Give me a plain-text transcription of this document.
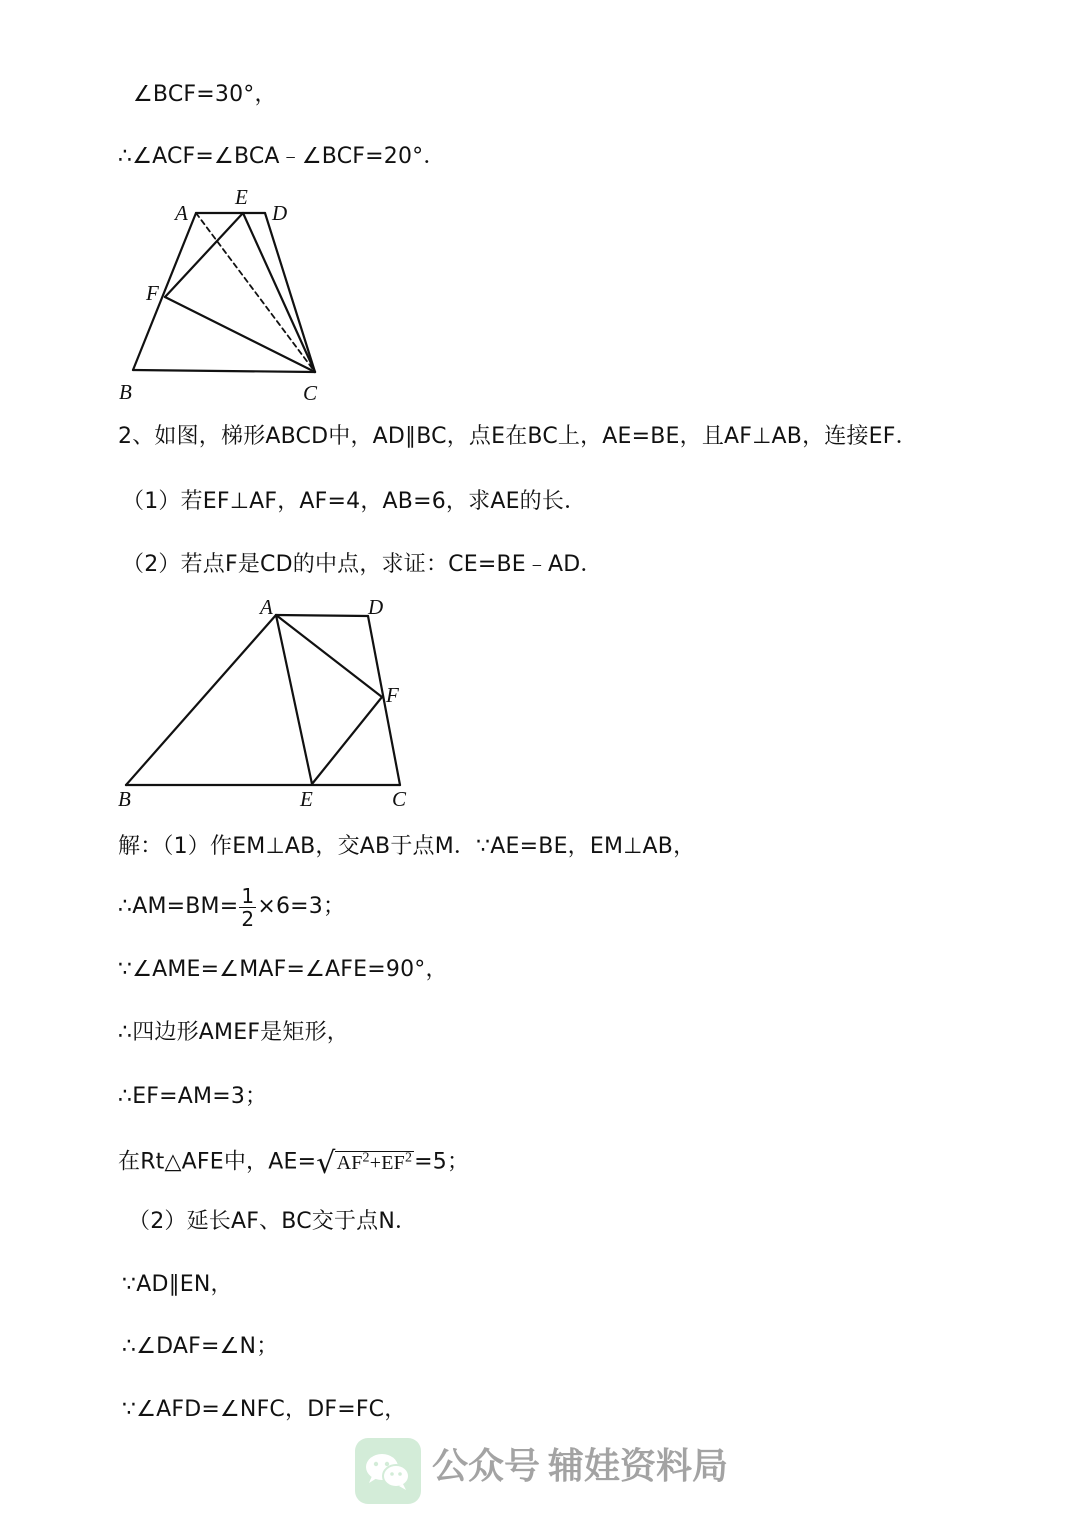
∠BCF=30°，
∴∠ACF=∠BCA﹣∠BCF=20°．
A
E
D
F
B	C
2、如图，梯形ABCD中，AD∥BC，点E在BC上，AE=BE，且AF⊥AB，连接EF．
（1）若EF⊥AF，AF=4，AB=6，求AE的长．
（2）若点F是CD的中点，求证：CE=BE﹣AD．
A	D
F
B	E	C
解：（1）作EM⊥AB，交AB于点M．∵AE=BE，EM⊥AB，
∴AM=BM= $\frac{1}{2} \times 6=3$；
∵∠AME=∠MAF=∠AFE=90°，
∴四边形AMEF是矩形，
∴EF=AM=3；
在Rt△AFE中，$AE=√AF^2+EF^2=5$；
（2）延长AF、BC交于点N．
∵AD∥EN，
∴∠DAF=∠N；
∵∠AFD=∠NFC，DF=FC，
公众号 辅娃资料局
